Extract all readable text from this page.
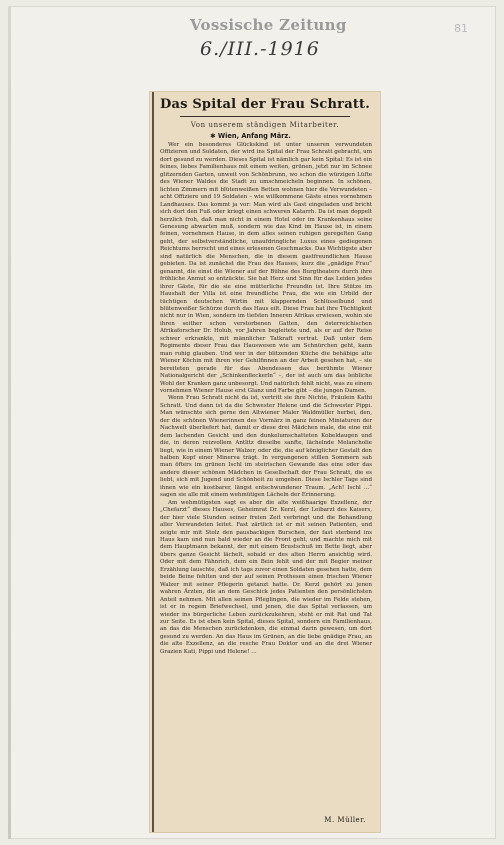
Vossische Zeitung
6./III.-1916
81
Das Spital der Frau Schratt.
Von unserem ständigen Mitarbeiter.
✱ Wien, Anfang März.

Wer ein besonderes Glückskind ist unter unseren verwundeten Offizieren und Soldaten, der wird ins Spital der Frau Schratt gebracht, um dort gesund zu werden. Dieses Spital ist nämlich gar kein Spital: Es ist ein feines, liebes Familienhaus mit einem weiten, grünen, jetzt nur im Schnee glitzernden Garten, unweit von Schönbrunn, wo schon die würzigen Lüfte des Wiener Waldes die Stadt zu umschmeicheln beginnen. In schönen, lichten Zimmern mit blütenweißen Betten wohnen hier die Verwundeten – acht Offiziere und 19 Soldaten – wie willkommene Gäste eines vornehmen Landhauses. Das kommt ja vor: Man wird als Gast eingeladen und bricht sich dort den Fuß oder kriegt einen schweren Katarrh. Da ist man doppelt herzlich froh, daß man nicht in einem Hotel oder im Krankenhaus seine Genesung abwarten muß, sondern wie das Kind im Hause ist, in einem feinen, vornehmen Hause, in dem alles seinen ruhigen geregelten Gang geht, der selbstverständliche, unaufdringliche Luxus eines gediegenen Reichtums herrscht und eines erlesenen Geschmacks. Das Wichtigste aber sind natürlich die Menschen, die in diesem gastfreundlichen Hause gebieten. Da ist zunächst die Frau des Hauses, kurz die „gnädige Frau“ genannt, die einst die Wiener auf der Bühne des Burgtheaters durch ihre fröhliche Anmut so entzückte. Sie hat Herz und Sinn für das Leiden jedes ihrer Gäste, für die sie eine mütterliche Freundin ist. Ihre Stütze im Haushalt der Villa ist eine freundliche Frau, die wie ein Urbild der tüchtigen deutschen Wirtin mit klappernden Schlüsselbund und blütenweißer Schürze durch das Haus eilt. Diese Frau hat ihre Tüchtigkeit nicht nur in Wien, sondern im tiefsten Inneren Afrikas erwiesen, wohin sie ihren seither schon verstorbenen Gatten, den österreichischen Afrikaforscher Dr. Holub, vor Jahren begleitete und, als er auf der Reise schwer erkrankte, mit männlicher Tatkraft vertrat. Daß unter dem Regimente dieser Frau das Hauswesen wie am Schnürchen geht, kann man ruhig glauben. Und wer in der blitzenden Küche die behäbige alte Wiener Köchin mit ihren vier Gehilfinnen an der Arbeit gesehen hat, – sie bereiteten gerade für das Abendessen das berühmte Wiener Nationalgericht der „Schinkenfleckerln“ –, der ist auch um das leibliche Wohl der Kranken ganz unbesorgt. Und natürlich fehlt nicht, was zu einem vornehmen Wiener Hause erst Glanz und Farbe gibt – die jungen Damen.

Wenn Frau Schratt nicht da ist, vertritt sie ihre Nichte, Fräulein Kathi Schratt. Und dann ist da die Schwester Helene und die Schwester Pippi. Man wünschte sich gerne den Altwiener Maler Waldmüller herbei, den, der die schönen Wienerinnen des Vormärz in ganz feinen Miniaturen der Nachwelt überliefert hat, damit er diese drei Mädchen male, die eine mit dem lachenden Gesicht und den dunkelumschatteten Kobeldaugen und die, in deren reizvollem Antlitz dieselbe sanfte, lächelnde Melancholie liegt, wie in einem Wiener Walzer, oder die, die auf königlicher Gestalt den halben Kopf einer Minerva trägt. In vergangenen stillen Sommern sah man öfters im grünen Ischl im steirischen Gewande das eine oder das andere dieser schönen Mädchen in Gesellschaft der Frau Schratt, die es liebt, sich mit Jugend und Schönheit zu umgeben. Diese Ischler Tage sind ihnen wie ein kostbarer, längst entschwundener Traum. „Ach! Ischl ...“ sagen sie alle mit einem wehmütigen Lächeln der Erinnerung.

Am wehmütigsten sagt es aber die alte weißhaarige Exzellenz, der „Chefarzt“ dieses Hauses, Geheimrat Dr. Kerzl, der Leibarzt des Kaisers, der hier viele Stunden seiner freien Zeit verbringt und die Behandlung aller Verwundeten leitet. Fast zärtlich ist er mit seinen Patienten, und zeigte mir mit Stolz den pausbackigen Burschen, der fast sterbend ins Haus kam und nun bald wieder an die Front geht, und machte mich mit dem Hauptmann bekannt, der mit einem Brustschuß im Bette liegt, aber übers ganze Gesicht lächelt, sobald er des alten Herrn ansichtig wird. Oder mit dem Fähnrich, dem ein Bein fehlt und der mit Begier meiner Erzählung lauschte, daß ich tags zuvor einen Soldaten gesehen hatte, dem beide Beine fehlten und der auf seinen Prothesen einen frischen Wiener Walzer mit seiner Pflegerin getanzt hatte. Dr. Kerzl gehört zu jenen wahren Ärzten, die an dem Geschick jedes Patienten den persönlichsten Anteil nehmen. Mit allen seinen Pfleglingen, die wieder im Felde stehen, ist er in regem Briefwechsel, und jenen, die das Spital verlassen, um wieder ins bürgerliche Leben zurückzukehren, steht er mit Rat und Tat zur Seite. Es ist eben kein Spital, dieses Spital, sondern ein Familienhaus, an das die Menschen zurückdenken, die einmal darin gewesen, um dort gesund zu werden. An das Haus im Grünen, an die liebe gnädige Frau, an die alte Exzellenz, an die resche Frau Doktor und an die drei Wiener Grazien Kati, Pippi und Helene! ...

M. Müller.
